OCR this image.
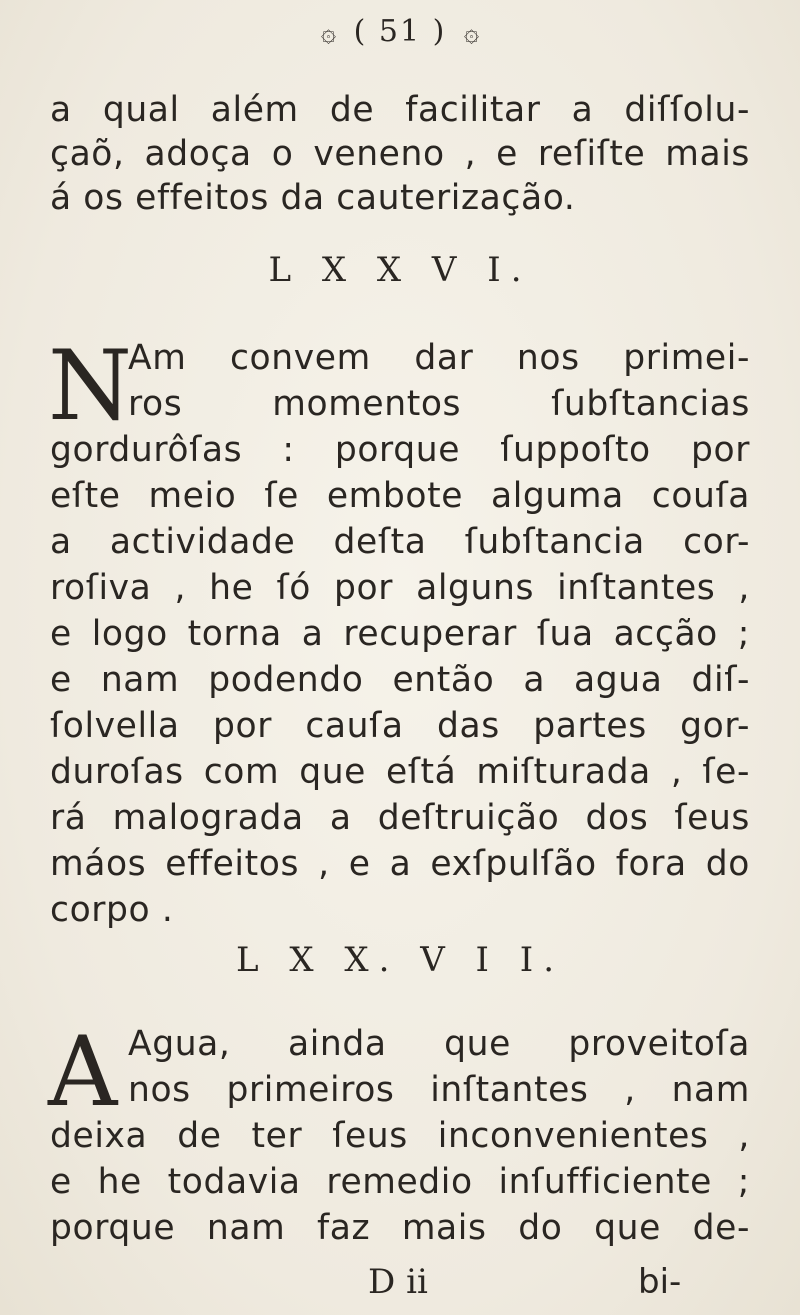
۞ ( 51 ) ۞
a qual além de facilitar a diſſolu-
çaõ, adoça o veneno , e reſiſte mais
á os effeitos da cauterização.
L X X V I.
N
Am convem dar nos primei-
ros momentos ſubſtancias
gordurôſas : porque ſuppoſto por
eſte meio ſe embote alguma couſa
a actividade deſta ſubſtancia cor-
roſiva , he ſó por alguns inſtantes ,
e logo torna a recuperar ſua acção ;
e nam podendo então a agua diſ-
ſolvella por cauſa das partes gor-
duroſas com que eſtá miſturada , ſe-
rá malograda a deſtruição dos ſeus
máos effeitos , e a exſpulſão fora do
corpo .
L X X. V I I.
A Agua, ainda que proveitoſa
nos primeiros inſtantes , nam
deixa de ter ſeus inconvenientes ,
e he todavia remedio inſufficiente ;
porque nam faz mais do que de-
D ii	bi-
